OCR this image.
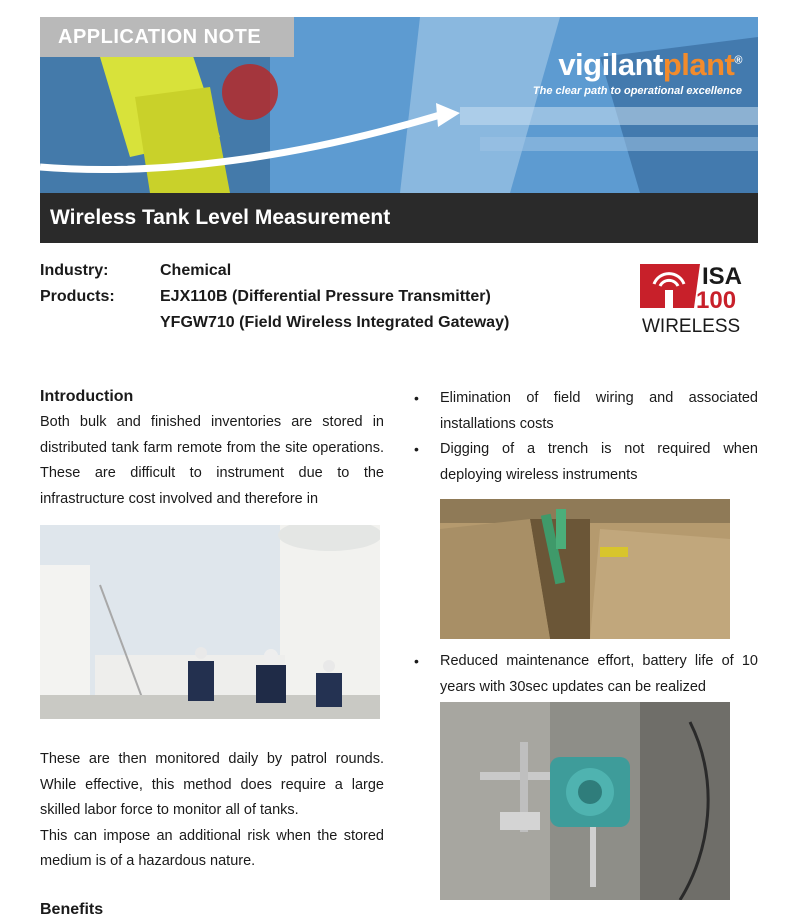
APPLICATION NOTE
vigilantplant®
The clear path to operational excellence
Wireless Tank Level Measurement
Industry:	Chemical
Products:	EJX110B (Differential Pressure Transmitter)
YFGW710 (Field Wireless Integrated Gateway)
ISA
100
WIRELESS
Introduction

Both bulk and finished inventories are stored in distributed tank farm remote from the site operations. These are difficult to instrument due to the infrastructure cost involved and therefore in

These are then monitored daily by patrol rounds. While effective, this method does require a large skilled labor force to monitor all of tanks.

This can impose an additional risk when the stored medium is of a hazardous nature.

Benefits
•	Elimination of field wiring and associated installations costs
•	Digging of a trench is not required when deploying wireless instruments
•	Reduced maintenance effort, battery life of 10 years with 30sec updates can be realized
